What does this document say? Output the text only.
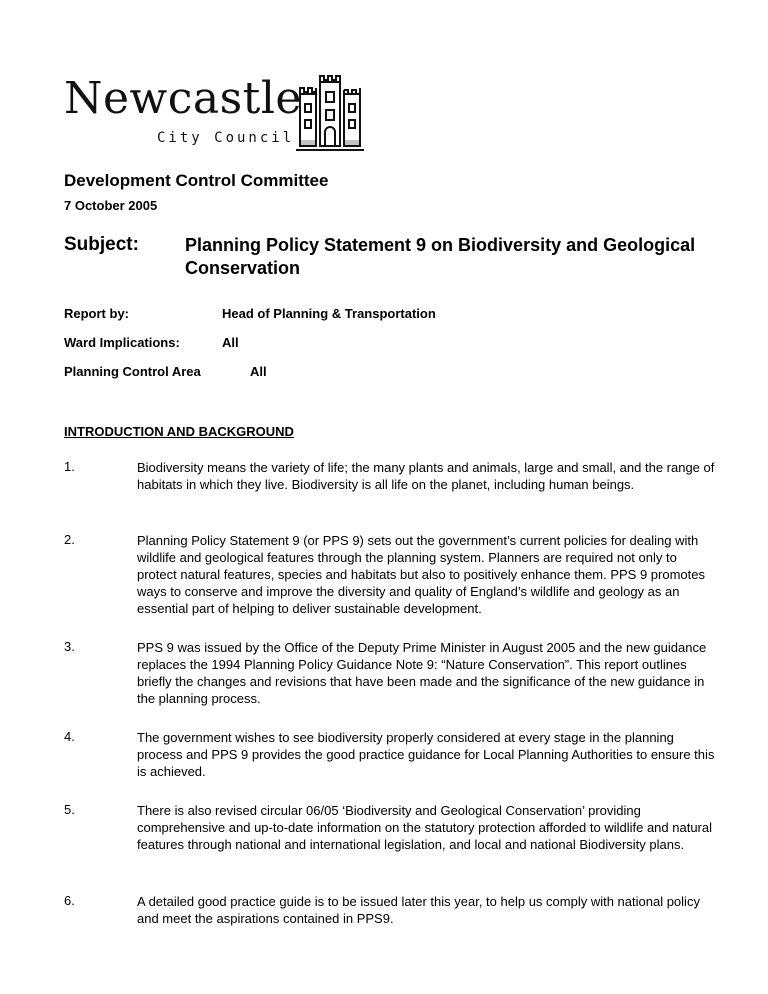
Newcastle
City Council
Development Control Committee
7 October 2005
Subject:	Planning Policy Statement 9 on Biodiversity and Geological Conservation
Report by:	Head of Planning & Transportation
Ward Implications:	All
Planning Control Area	All
INTRODUCTION AND BACKGROUND
1.	Biodiversity means the variety of life; the many plants and animals, large and small, and the range of habitats in which they live. Biodiversity is all life on the planet, including human beings.
2.	Planning Policy Statement 9 (or PPS 9) sets out the government’s current policies for dealing with wildlife and geological features through the planning system. Planners are required not only to protect natural features, species and habitats but also to positively enhance them. PPS 9 promotes ways to conserve and improve the diversity and quality of England’s wildlife and geology as an essential part of helping to deliver sustainable development.
3.	PPS 9 was issued by the Office of the Deputy Prime Minister in August 2005 and the new guidance replaces the 1994 Planning Policy Guidance Note 9: “Nature Conservation”. This report outlines briefly the changes and revisions that have been made and the significance of the new guidance in the planning process.
4.	The government wishes to see biodiversity properly considered at every stage in the planning process and PPS 9 provides the good practice guidance for Local Planning Authorities to ensure this is achieved.
5.	There is also revised circular 06/05 ‘Biodiversity and Geological Conservation’ providing comprehensive and up-to-date information on the statutory protection afforded to wildlife and natural features through national and international legislation, and local and national Biodiversity plans.
6.	A detailed good practice guide is to be issued later this year, to help us comply with national policy and meet the aspirations contained in PPS9.
